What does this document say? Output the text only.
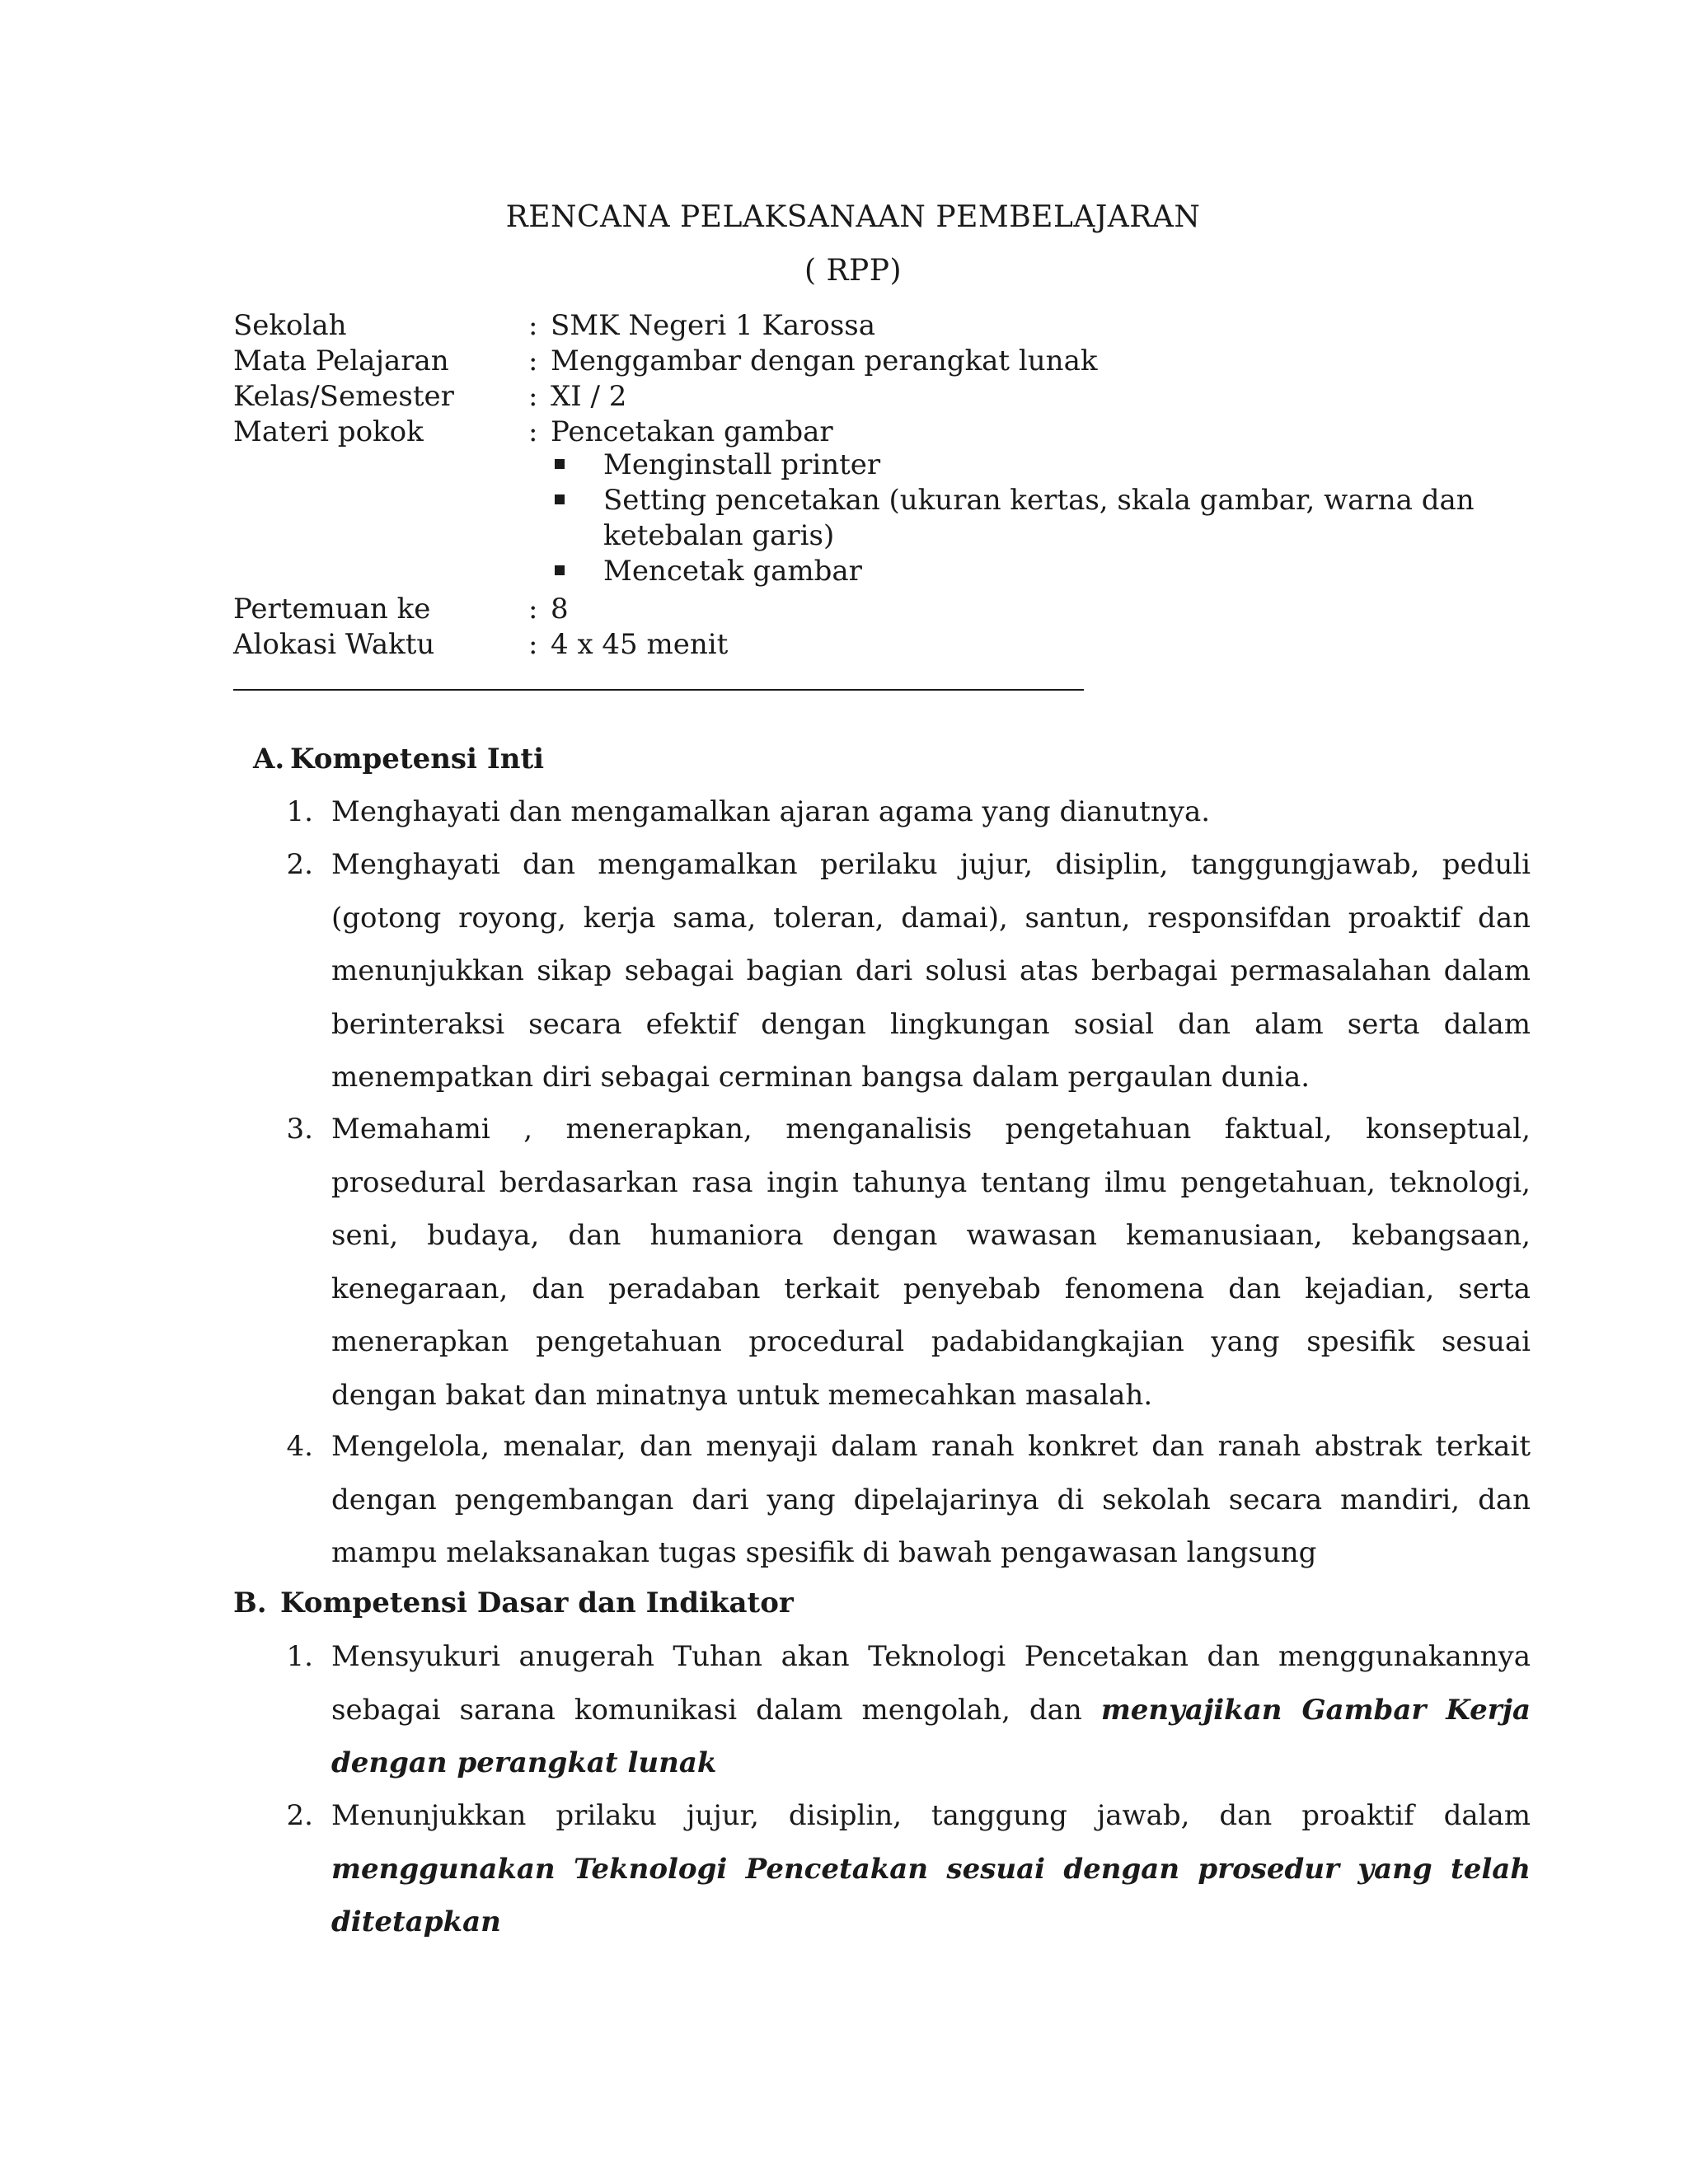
RENCANA PELAKSANAAN PEMBELAJARAN
( RPP)
Sekolah	: SMK Negeri 1 Karossa
Mata Pelajaran	: Menggambar dengan perangkat lunak
Kelas/Semester	: XI / 2
Materi pokok	: Pencetakan gambar
Menginstall printer
Setting pencetakan (ukuran kertas, skala gambar, warna dan
ketebalan garis)
Mencetak gambar
Pertemuan ke	: 8
Alokasi Waktu	: 4 x 45 menit
A. Kompetensi Inti
1. Menghayati dan mengamalkan ajaran agama yang dianutnya.
2. Menghayati dan mengamalkan perilaku jujur, disiplin, tanggungjawab, peduli (gotong royong, kerja sama, toleran, damai), santun, responsifdan proaktif dan menunjukkan sikap sebagai bagian dari solusi atas berbagai permasalahan dalam berinteraksi secara efektif dengan lingkungan sosial dan alam serta dalam menempatkan diri sebagai cerminan bangsa dalam pergaulan dunia.
3. Memahami , menerapkan, menganalisis pengetahuan faktual, konseptual, prosedural berdasarkan rasa ingin tahunya tentang ilmu pengetahuan, teknologi, seni, budaya, dan humaniora dengan wawasan kemanusiaan, kebangsaan, kenegaraan, dan peradaban terkait penyebab fenomena dan kejadian, serta menerapkan pengetahuan procedural padabidangkajian yang spesifik sesuai dengan bakat dan minatnya untuk memecahkan masalah.
4. Mengelola, menalar, dan menyaji dalam ranah konkret dan ranah abstrak terkait dengan pengembangan dari yang dipelajarinya di sekolah secara mandiri, dan mampu melaksanakan tugas spesifik di bawah pengawasan langsung
B. Kompetensi Dasar dan Indikator
1. Mensyukuri anugerah Tuhan akan Teknologi Pencetakan dan menggunakannya sebagai sarana komunikasi dalam mengolah, dan menyajikan Gambar Kerja dengan perangkat lunak
2. Menunjukkan prilaku jujur, disiplin, tanggung jawab, dan proaktif dalam menggunakan Teknologi Pencetakan sesuai dengan prosedur yang telah ditetapkan
